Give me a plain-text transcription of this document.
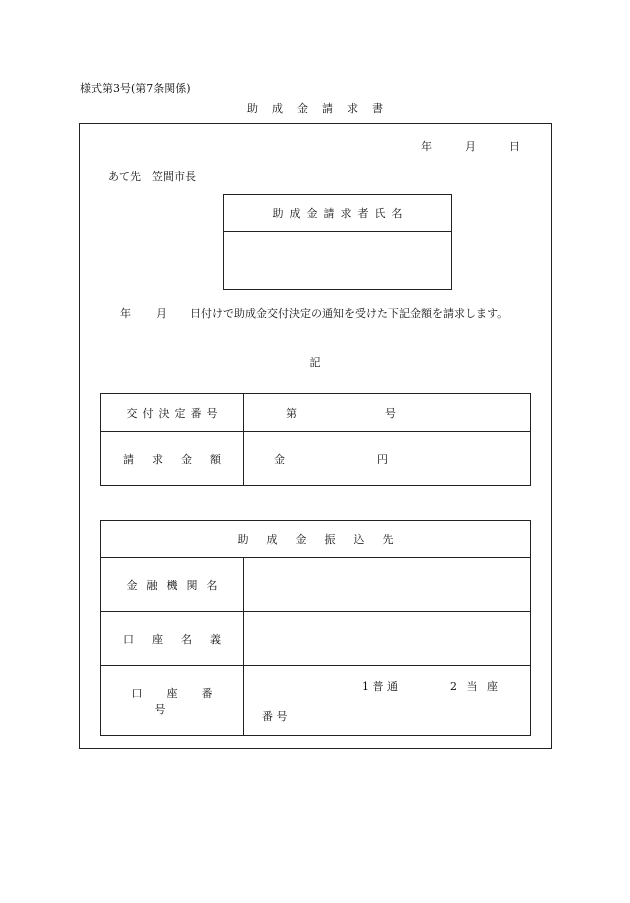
様式第3号(第7条関係)
助成金請求書
年	月	日
あて先　笠間市長
助成金請求者氏名
年 月 日付けで助成金交付決定の通知を受けた下記金額を請求します。
記
交付決定番号	第 号

請求金額	金 円
助成金振込先	
金融機関名	
口座名義	
口座番号	1 普 通 2 当 座
番 号
